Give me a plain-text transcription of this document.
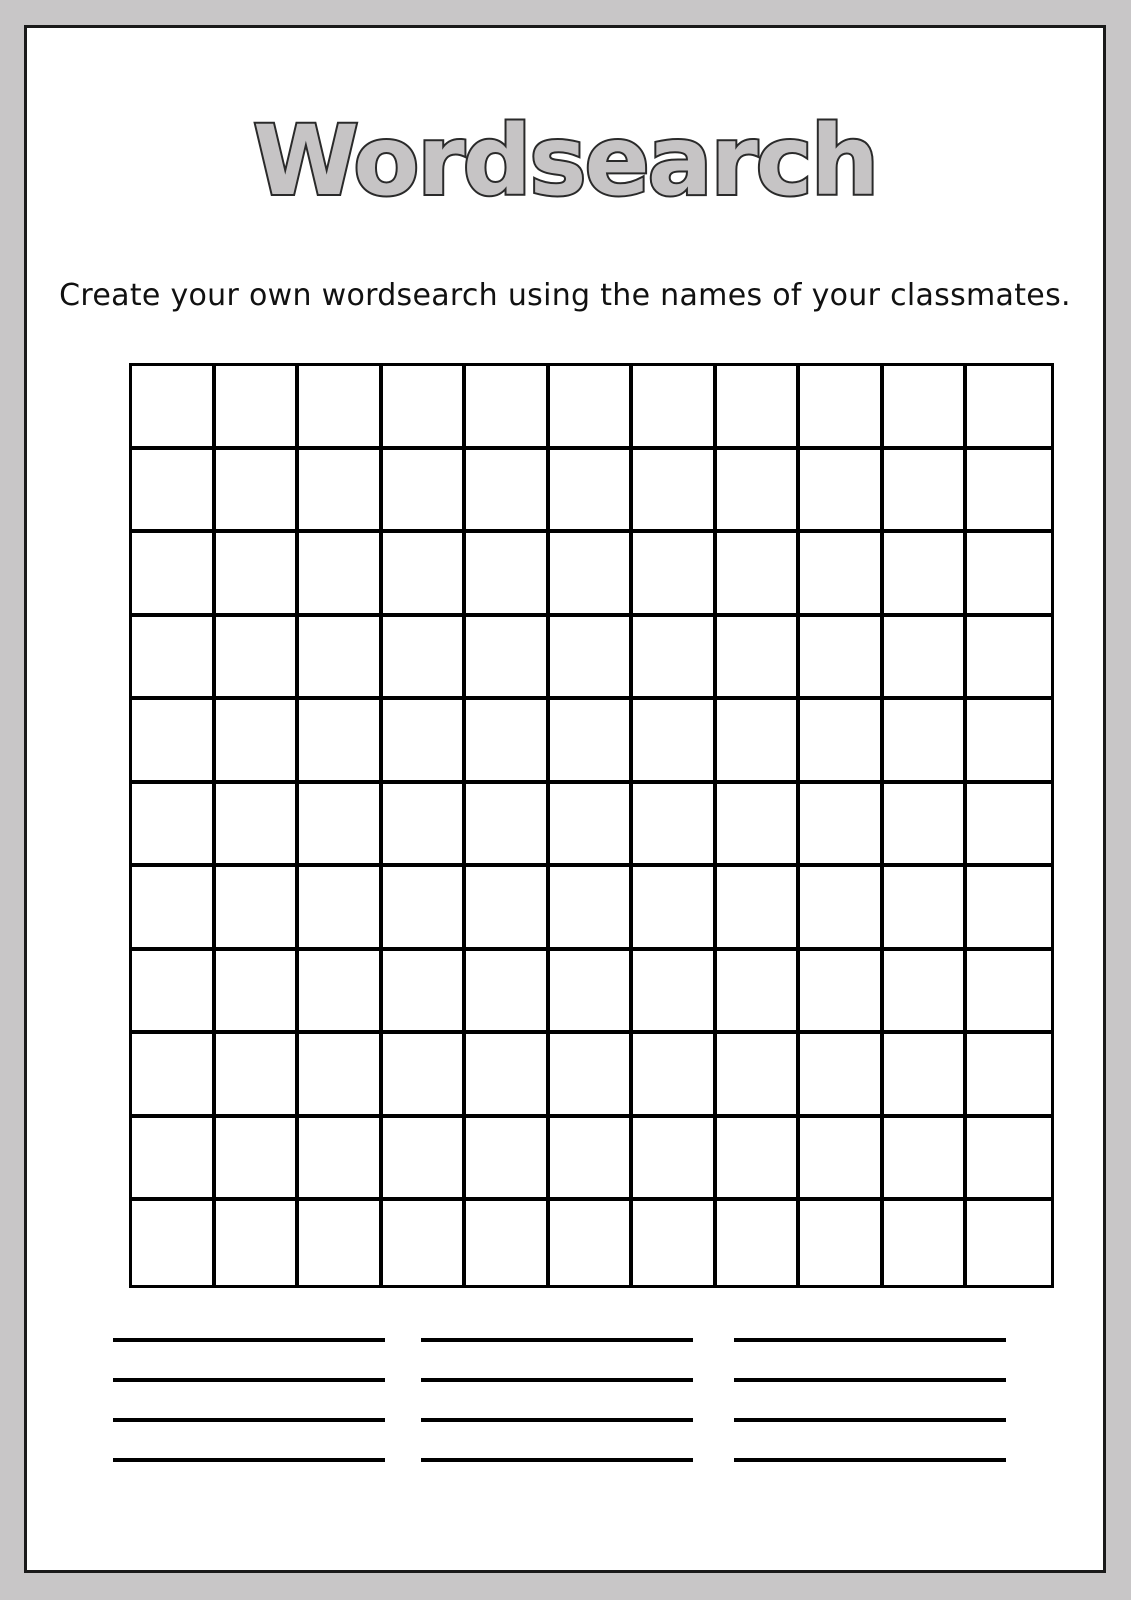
Wordsearch

Create your own wordsearch using the names of your classmates.
